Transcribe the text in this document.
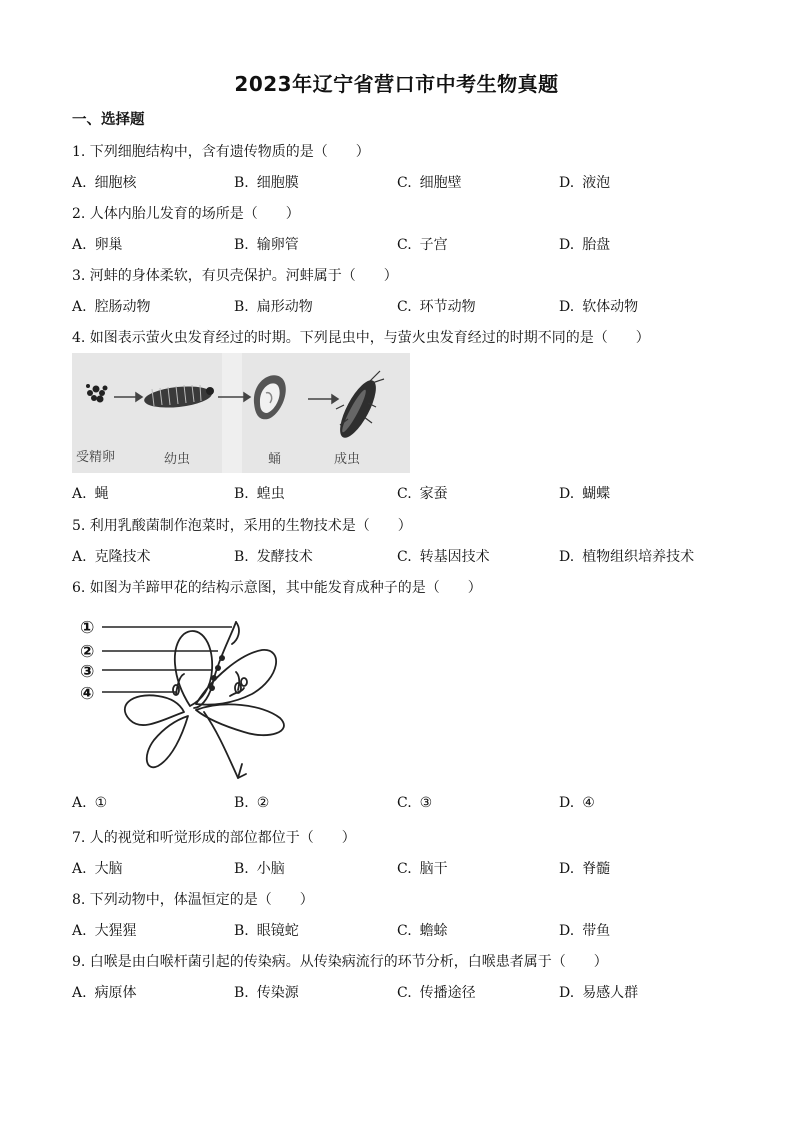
2023年辽宁省营口市中考生物真题
一、选择题
1. 下列细胞结构中，含有遗传物质的是（　　）
A. 细胞核	B. 细胞膜	C. 细胞壁	D. 液泡
2. 人体内胎儿发育的场所是（　　）
A. 卵巢	B. 输卵管	C. 子宫	D. 胎盘
3. 河蚌的身体柔软，有贝壳保护。河蚌属于（　　）
A. 腔肠动物	B. 扁形动物	C. 环节动物	D. 软体动物
4. 如图表示萤火虫发育经过的时期。下列昆虫中，与萤火虫发育经过的时期不同的是（　　）
受精卵	幼虫	蛹	成虫
A. 蝇	B. 蝗虫	C. 家蚕	D. 蝴蝶
5. 利用乳酸菌制作泡菜时，采用的生物技术是（　　）
A. 克隆技术	B. 发酵技术	C. 转基因技术	D. 植物组织培养技术
6. 如图为羊蹄甲花的结构示意图，其中能发育成种子的是（　　）
①
②
③
④
A. ①	B. ②	C. ③	D. ④
7. 人的视觉和听觉形成的部位都位于（　　）
A. 大脑	B. 小脑	C. 脑干	D. 脊髓
8. 下列动物中，体温恒定的是（　　）
A. 大猩猩	B. 眼镜蛇	C. 蟾蜍	D. 带鱼
9. 白喉是由白喉杆菌引起的传染病。从传染病流行的环节分析，白喉患者属于（　　）
A. 病原体	B. 传染源	C. 传播途径	D. 易感人群
